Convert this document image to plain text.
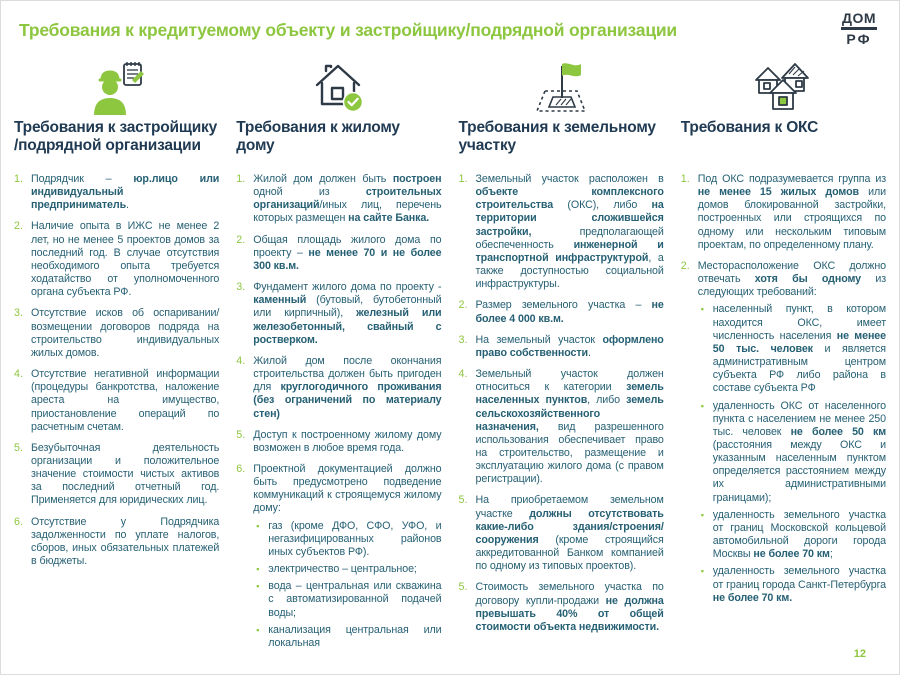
Требования к кредитуемому объекту и застройщику/подрядной организации
ДОМ
РФ
Требования к застройщику /подрядной организации
1. Подрядчик – юр.лицо или индивидуальный предприниматель.
2. Наличие опыта в ИЖС не менее 2 лет, но не менее 5 проектов домов за последний год. В случае отсутствия необходимого опыта требуется ходатайство от уполномоченного органа субъекта РФ.
3. Отсутствие исков об оспаривании/возмещении договоров подряда на строительство индивидуальных жилых домов.
4. Отсутствие негативной информации (процедуры банкротства, наложение ареста на имущество, приостановление операций по расчетным счетам.
5. Безубыточная деятельность организации и положительное значение стоимости чистых активов за последний отчетный год. Применяется для юридических лиц.
6. Отсутствие у Подрядчика задолженности по уплате налогов, сборов, иных обязательных платежей в бюджеты.
Требования к жилому дому
1. Жилой дом должен быть построен одной из строительных организаций/иных лиц, перечень которых размещен на сайте Банка.
2. Общая площадь жилого дома по проекту – не менее 70 и не более 300 кв.м.
3. Фундамент жилого дома по проекту - каменный (бутовый, бутобетонный или кирпичный), железный или железобетонный, свайный с ростверком.
4. Жилой дом после окончания строительства должен быть пригоден для круглогодичного проживания (без ограничений по материалу стен)
5. Доступ к построенному жилому дому возможен в любое время года.
6. Проектной документацией должно быть предусмотрено подведение коммуникаций к строящемуся жилому дому:
▪ газ (кроме ДФО, СФО, УФО, и негазифицированных районов иных субъектов РФ).
▪ электричество – центральное;
▪ вода – центральная или скважина с автоматизированной подачей воды;
▪ канализация центральная или локальная
Требования к земельному участку
1. Земельный участок расположен в объекте комплексного строительства (ОКС), либо на территории сложившейся застройки, предполагающей обеспеченность инженерной и транспортной инфраструктурой, а также доступностью социальной инфраструктуры.
2. Размер земельного участка – не более 4 000 кв.м.
3. На земельный участок оформлено право собственности.
4. Земельный участок должен относиться к категории земель населенных пунктов, либо земель сельскохозяйственного назначения, вид разрешенного использования обеспечивает право на строительство, размещение и эксплуатацию жилого дома (с правом регистрации).
5. На приобретаемом земельном участке должны отсутствовать какие-либо здания/строения/сооружения (кроме строящийся аккредитованной Банком компанией по одному из типовых проектов).
5. Стоимость земельного участка по договору купли-продажи не должна превышать 40% от общей стоимости объекта недвижимости.
Требования к ОКС
1. Под ОКС подразумевается группа из не менее 15 жилых домов или домов блокированной застройки, построенных или строящихся по одному или нескольким типовым проектам, по определенному плану.
2. Месторасположение ОКС должно отвечать хотя бы одному из следующих требований:
▪ населенный пункт, в котором находится ОКС, имеет численность населения не менее 50 тыс. человек и является административным центром субъекта РФ либо района в составе субъекта РФ
▪ удаленность ОКС от населенного пункта с населением не менее 250 тыс. человек не более 50 км (расстояния между ОКС и указанным населенным пунктом определяется расстоянием между их административными границами);
▪ удаленность земельного участка от границ Московской кольцевой автомобильной дороги города Москвы не более 70 км;
▪ удаленность земельного участка от границ города Санкт-Петербурга не более 70 км.
12
